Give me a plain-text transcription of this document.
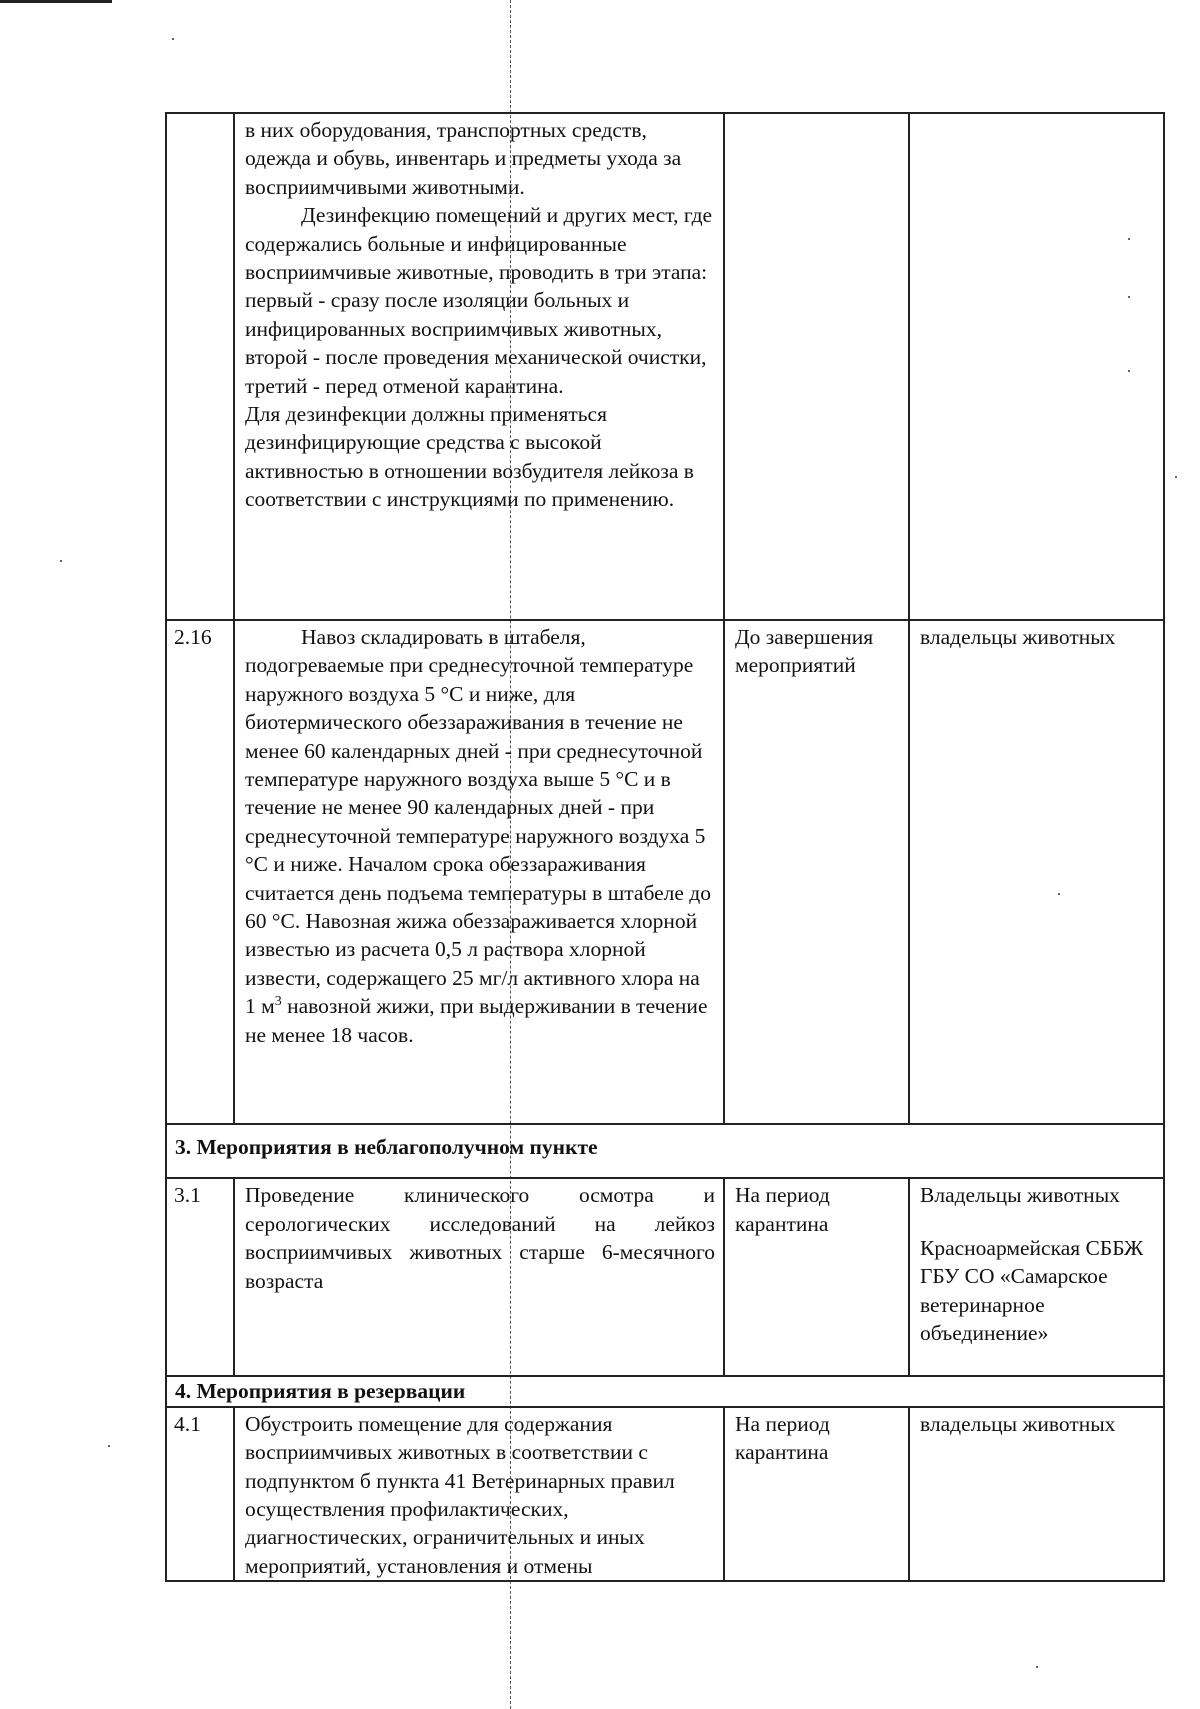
	в них оборудования, транспортных средств, одежда и обувь, инвентарь и предметы ухода за восприимчивыми животными.

Дезинфекцию помещений и других мест, где содержались больные и инфицированные восприимчивые животные, проводить в три этапа: первый - сразу после изоляции больных и инфицированных восприимчивых животных, второй - после проведения механической очистки, третий - перед отменой карантина.

Для дезинфекции должны применяться дезинфицирующие средства с высокой активностью в отношении возбудителя лейкоза в соответствии с инструкциями по применению.		

2.16	Навоз складировать в штабеля, подогреваемые при среднесуточной температуре наружного воздуха 5 °С и ниже, для биотермического обеззараживания в течение не менее 60 календарных дней - при среднесуточной температуре наружного воздуха выше 5 °С и в течение не менее 90 календарных дней - при среднесуточной температуре наружного воздуха 5 °С и ниже. Началом срока обеззараживания считается день подъема температуры в штабеле до 60 °С. Навозная жижа обеззараживается хлорной известью из расчета 0,5 л раствора хлорной извести, содержащего 25 мг/л активного хлора на 1 $м^3$ навозной жижи, при выдерживании в течение не менее 18 часов.	До завершения мероприятий	владельцы животных
3. Мероприятия в неблагополучном пункте			
3.1	Проведение клинического осмотра и серологических исследований на лейкоз восприимчивых животных старше 6-месячного возраста	На период карантина	Владельцы животных

Красноармейская СББЖ ГБУ СО «Самарское ветеринарное объединение»

4. Мероприятия в резервации			
4.1	Обустроить помещение для содержания восприимчивых животных в соответствии с подпунктом б пункта 41 Ветеринарных правил осуществления профилактических, диагностических, ограничительных и иных мероприятий, установления и отмены	На период карантина	владельцы животных
